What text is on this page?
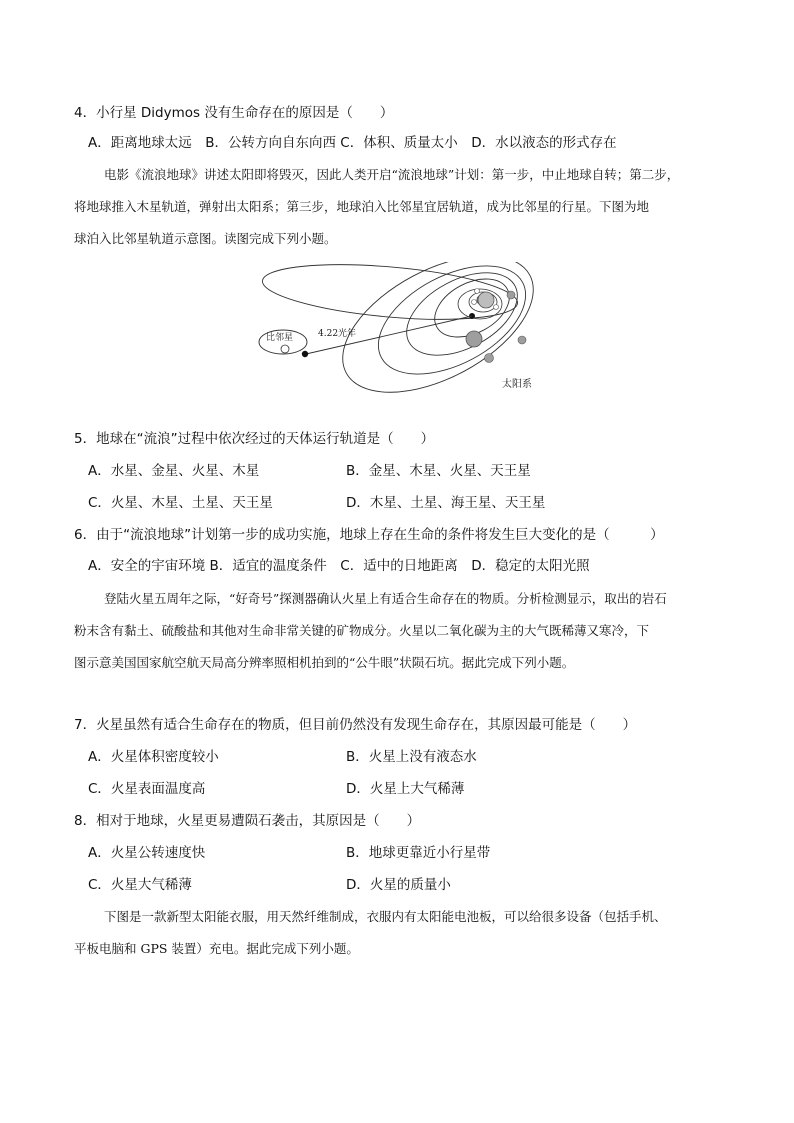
4．小行星 Didymos 没有生命存在的原因是（　　）
A．距离地球太远　B．公转方向自东向西 C．体积、质量太小　D．水以液态的形式存在
电影《流浪地球》讲述太阳即将毁灭，因此人类开启“流浪地球”计划：第一步，中止地球自转；第二步，
将地球推入木星轨道，弹射出太阳系；第三步，地球泊入比邻星宜居轨道，成为比邻星的行星。下图为地
球泊入比邻星轨道示意图。读图完成下列小题。
比邻星	4.22光年
太阳系
5．地球在“流浪”过程中依次经过的天体运行轨道是（　　）
A．水星、金星、火星、木星	B．金星、木星、火星、天王星
C．火星、木星、土星、天王星	D．木星、土星、海王星、天王星
6．由于“流浪地球”计划第一步的成功实施，地球上存在生命的条件将发生巨大变化的是（　　　）
A．安全的宇宙环境 B．适宜的温度条件　C．适中的日地距离　D．稳定的太阳光照
登陆火星五周年之际，“好奇号”探测器确认火星上有适合生命存在的物质。分析检测显示，取出的岩石
粉末含有黏土、硫酸盐和其他对生命非常关键的矿物成分。火星以二氧化碳为主的大气既稀薄又寒冷，下
图示意美国国家航空航天局高分辨率照相机拍到的“公牛眼”状陨石坑。据此完成下列小题。
7．火星虽然有适合生命存在的物质，但目前仍然没有发现生命存在，其原因最可能是（　　）
A．火星体积密度较小	B．火星上没有液态水
C．火星表面温度高	D．火星上大气稀薄
8．相对于地球，火星更易遭陨石袭击，其原因是（　　）
A．火星公转速度快	B．地球更靠近小行星带
C．火星大气稀薄	D．火星的质量小
下图是一款新型太阳能衣服，用天然纤维制成，衣服内有太阳能电池板，可以给很多设备（包括手机、
平板电脑和 GPS 装置）充电。据此完成下列小题。
